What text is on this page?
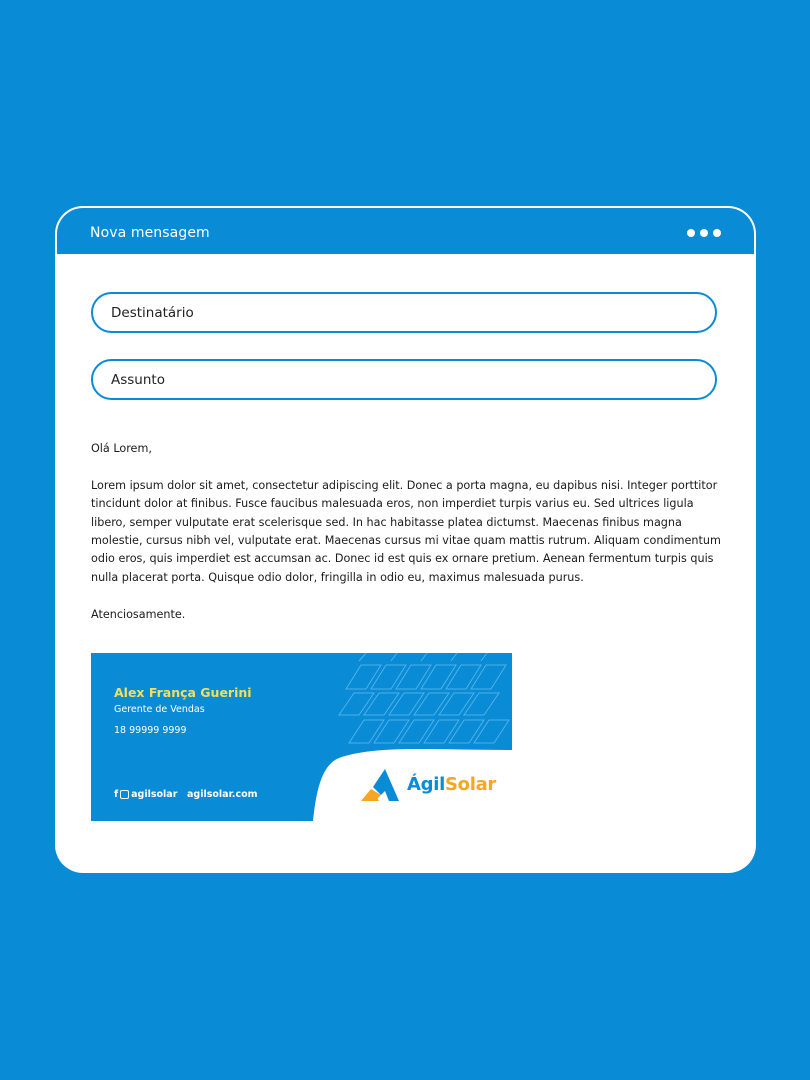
Nova mensagem
Destinatário
Assunto

Olá Lorem,

Lorem ipsum dolor sit amet, consectetur adipiscing elit. Donec a porta magna, eu dapibus nisi. Integer porttitor tincidunt dolor at finibus. Fusce faucibus malesuada eros, non imperdiet turpis varius eu. Sed ultrices ligula libero, semper vulputate erat scelerisque sed. In hac habitasse platea dictumst. Maecenas finibus magna molestie, cursus nibh vel, vulputate erat. Maecenas cursus mi vitae quam mattis rutrum. Aliquam condimentum odio eros, quis imperdiet est accumsan ac. Donec id est quis ex ornare pretium. Aenean fermentum turpis quis nulla placerat porta. Quisque odio dolor, fringilla in odio eu, maximus malesuada purus.

Atenciosamente.

Alex França Guerini
Gerente de Vendas
18 99999 9999
f agilsolar agilsolar.com	ÁgilSolar
